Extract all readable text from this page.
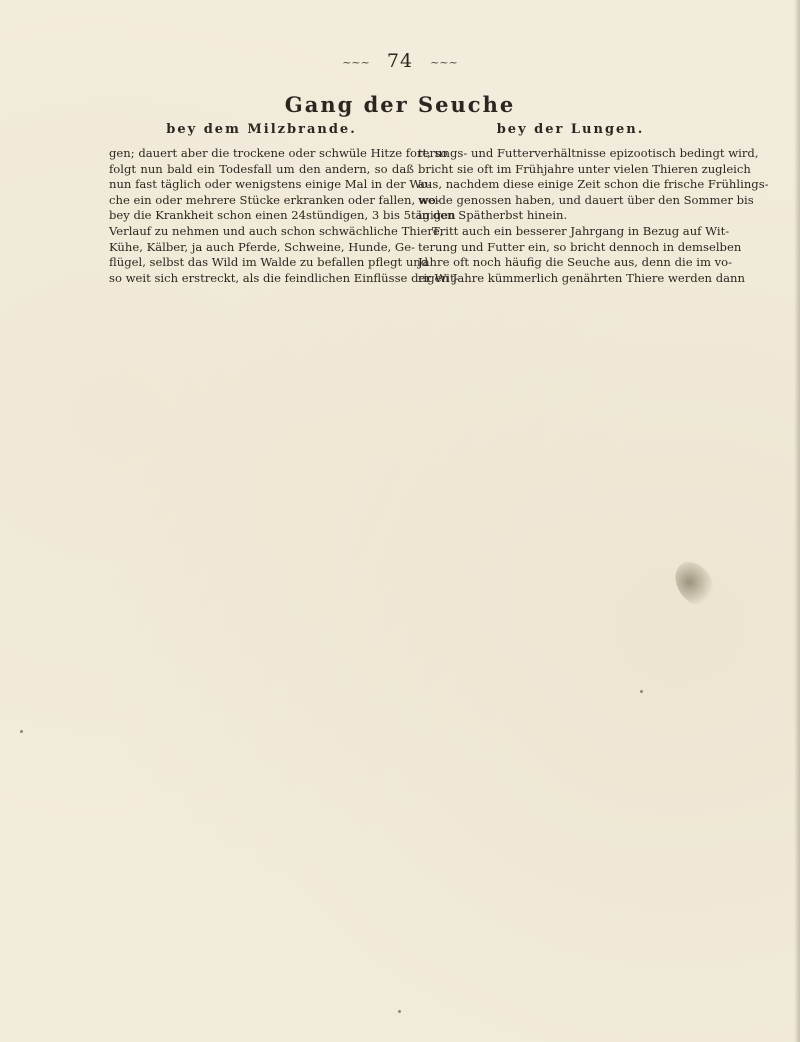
~~~ 74 ~~~
Gang der Seuche
bey dem Milzbrande.
gen; dauert aber die trockene oder schwüle Hitze fort, so
folgt nun bald ein Todesfall um den andern, so daß
nun fast täglich oder wenigstens einige Mal in der Wo-
che ein oder mehrere Stücke erkranken oder fallen, wo-
bey die Krankheit schon einen 24stündigen, 3 bis 5tägigen
Verlauf zu nehmen und auch schon schwächliche Thiere,
Kühe, Kälber, ja auch Pferde, Schweine, Hunde, Ge-
flügel, selbst das Wild im Walde zu befallen pflegt und
so weit sich erstreckt, als die feindlichen Einflüsse der Wit-
bey der Lungen.
terungs- und Futterverhältnisse epizootisch bedingt wird,
bricht sie oft im Frühjahre unter vielen Thieren zugleich
aus, nachdem diese einige Zeit schon die frische Frühlings-
weide genossen haben, und dauert über den Sommer bis
in den Spätherbst hinein.
Tritt auch ein besserer Jahrgang in Bezug auf Wit-
terung und Futter ein, so bricht dennoch in demselben
Jahre oft noch häufig die Seuche aus, denn die im vo-
rigen Jahre kümmerlich genährten Thiere werden dann
